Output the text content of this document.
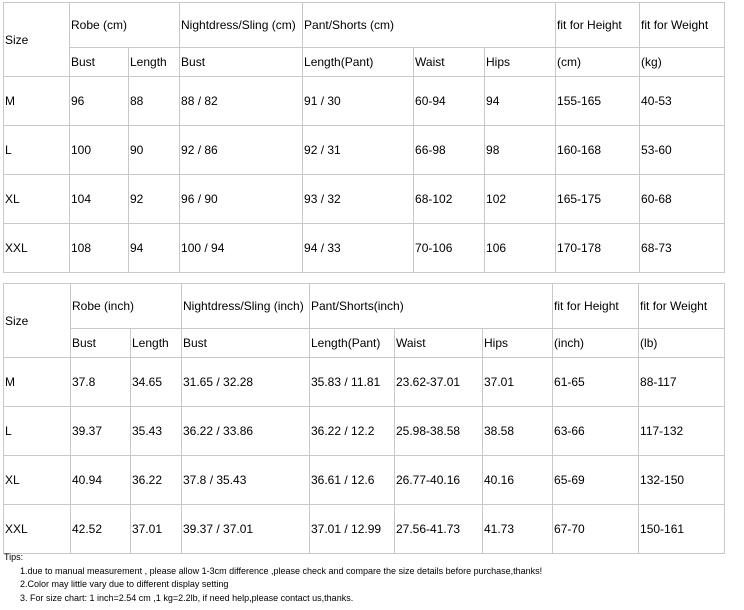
Size	Robe (cm)		Nightdress/Sling (cm)	Pant/Shorts (cm)			fit for Height	fit for Weight
	Bust	Length	Bust	Length(Pant)	Waist	Hips	(cm)	(kg)
M	96	88	88 / 82	91 / 30	60-94	94	155-165	40-53
L	100	90	92 / 86	92 / 31	66-98	98	160-168	53-60
XL	104	92	96 / 90	93 / 32	68-102	102	165-175	60-68
XXL	108	94	100 / 94	94 / 33	70-106	106	170-178	68-73
Size	Robe (inch)		Nightdress/Sling (inch)	Pant/Shorts(inch)			fit for Height	fit for Weight
	Bust	Length	Bust	Length(Pant)	Waist	Hips	(inch)	(lb)
M	37.8	34.65	31.65 / 32.28	35.83 / 11.81	23.62-37.01	37.01	61-65	88-117
L	39.37	35.43	36.22 / 33.86	36.22 / 12.2	25.98-38.58	38.58	63-66	117-132
XL	40.94	36.22	37.8 / 35.43	36.61 / 12.6	26.77-40.16	40.16	65-69	132-150
XXL	42.52	37.01	39.37 / 37.01	37.01 / 12.99	27.56-41.73	41.73	67-70	150-161
Tips:
1.due to manual measurement , please allow 1-3cm difference ,please check and compare the size details before purchase,thanks!
2.Color may little vary due to different display setting
3. For size chart: 1 inch=2.54 cm ,1 kg=2.2lb, if need help,please contact us,thanks.
